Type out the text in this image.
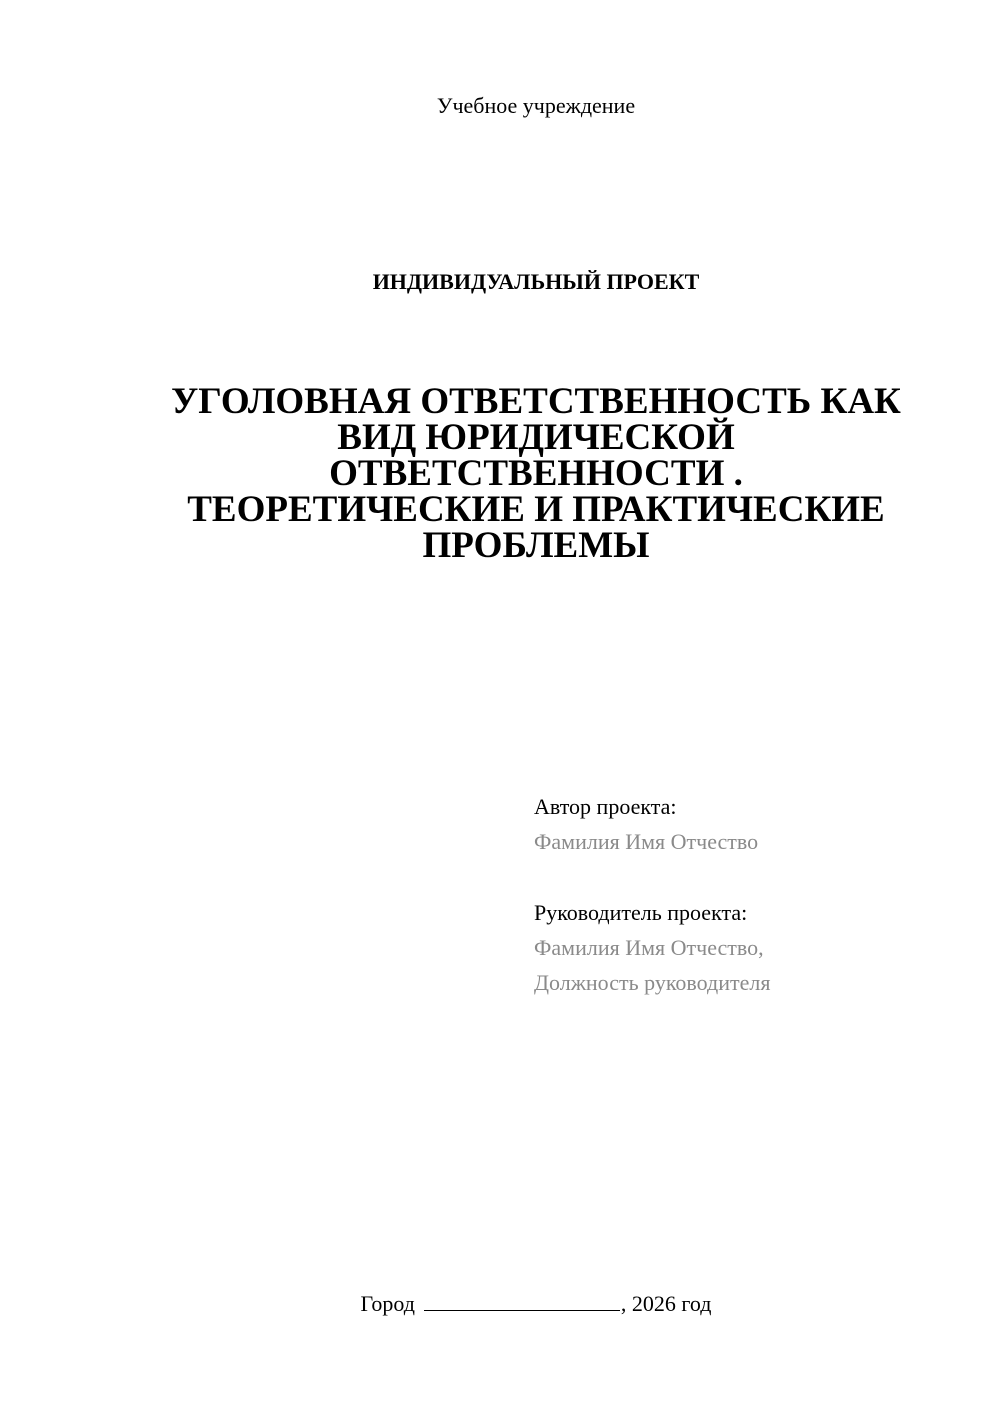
Учебное учреждение
ИНДИВИДУАЛЬНЫЙ ПРОЕКТ
УГОЛОВНАЯ ОТВЕТСТВЕННОСТЬ КАК
ВИД ЮРИДИЧЕСКОЙ
ОТВЕТСТВЕННОСТИ .
ТЕОРЕТИЧЕСКИЕ И ПРАКТИЧЕСКИЕ
ПРОБЛЕМЫ
Автор проекта:
Фамилия Имя Отчество
Руководитель проекта:
Фамилия Имя Отчество,
Должность руководителя
Город	, 2026 год
